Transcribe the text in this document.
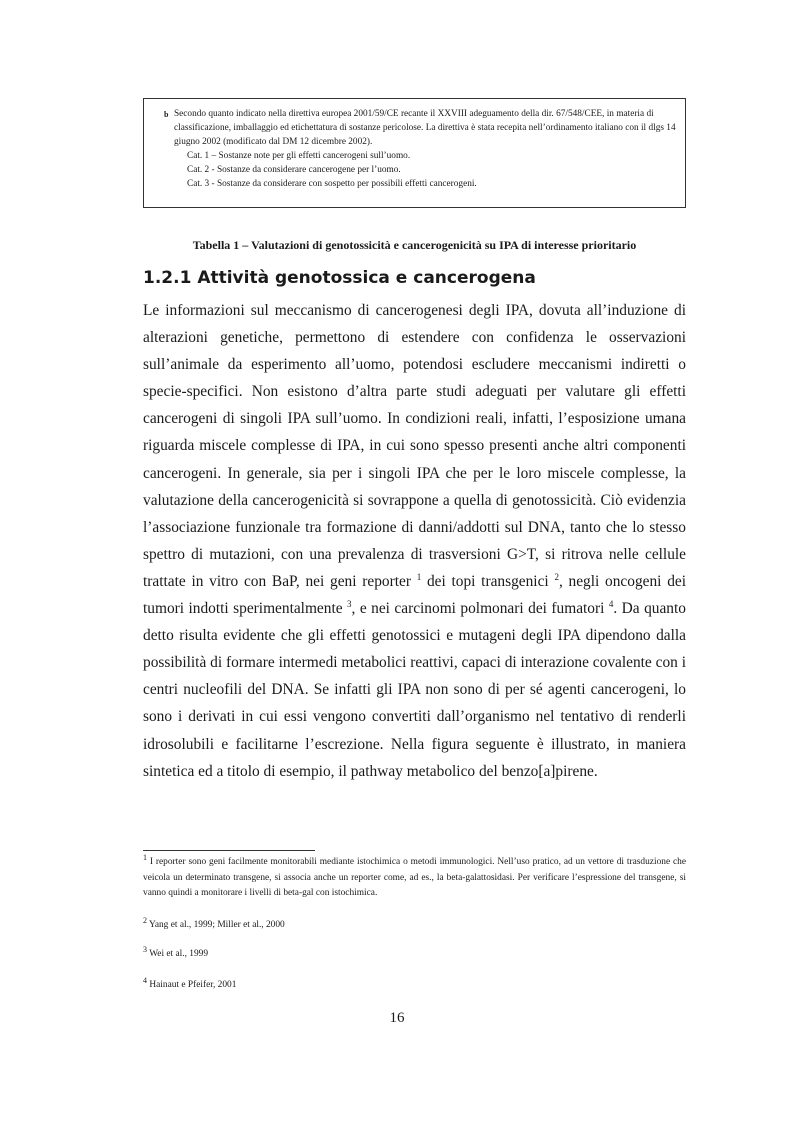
b Secondo quanto indicato nella direttiva europea 2001/59/CE recante il XXVIII adeguamento della dir. 67/548/CEE, in materia di classificazione, imballaggio ed etichettatura di sostanze pericolose. La direttiva è stata recepita nell’ordinamento italiano con il dlgs 14 giugno 2002 (modificato dal DM 12 dicembre 2002).
Cat. 1 – Sostanze note per gli effetti cancerogeni sull’uomo.
Cat. 2 - Sostanze da considerare cancerogene per l’uomo.
Cat. 3 - Sostanze da considerare con sospetto per possibili effetti cancerogeni.
Tabella 1 – Valutazioni di genotossicità e cancerogenicità su IPA di interesse prioritario
1.2.1 Attività genotossica e cancerogena

Le informazioni sul meccanismo di cancerogenesi degli IPA, dovuta all’induzione di alterazioni genetiche, permettono di estendere con confidenza le osservazioni sull’animale da esperimento all’uomo, potendosi escludere meccanismi indiretti o specie-specifici. Non esistono d’altra parte studi adeguati per valutare gli effetti cancerogeni di singoli IPA sull’uomo. In condizioni reali, infatti, l’esposizione umana riguarda miscele complesse di IPA, in cui sono spesso presenti anche altri componenti cancerogeni. In generale, sia per i singoli IPA che per le loro miscele complesse, la valutazione della cancerogenicità si sovrappone a quella di genotossicità. Ciò evidenzia l’associazione funzionale tra formazione di danni/addotti sul DNA, tanto che lo stesso spettro di mutazioni, con una prevalenza di trasversioni G>T, si ritrova nelle cellule trattate in vitro con BaP, nei geni reporter $^1$ dei topi transgenici $^2$, negli oncogeni dei tumori indotti sperimentalmente $^3$, e nei carcinomi polmonari dei fumatori $^4$. Da quanto detto risulta evidente che gli effetti genotossici e mutageni degli IPA dipendono dalla possibilità di formare intermedi metabolici reattivi, capaci di interazione covalente con i centri nucleofili del DNA. Se infatti gli IPA non sono di per sé agenti cancerogeni, lo sono i derivati in cui essi vengono convertiti dall’organismo nel tentativo di renderli idrosolubili e facilitarne l’escrezione. Nella figura seguente è illustrato, in maniera sintetica ed a titolo di esempio, il pathway metabolico del benzo[a]pirene.

$^1$ I reporter sono geni facilmente monitorabili mediante istochimica o metodi immunologici. Nell’uso pratico, ad un vettore di trasduzione che veicola un determinato transgene, si associa anche un reporter come, ad es., la beta-galattosidasi. Per verificare l’espressione del transgene, si vanno quindi a monitorare i livelli di beta-gal con istochimica.

$^2$ Yang et al., 1999; Miller et al., 2000

$^3$ Wei et al., 1999

$^4$ Hainaut e Pfeifer, 2001

16
